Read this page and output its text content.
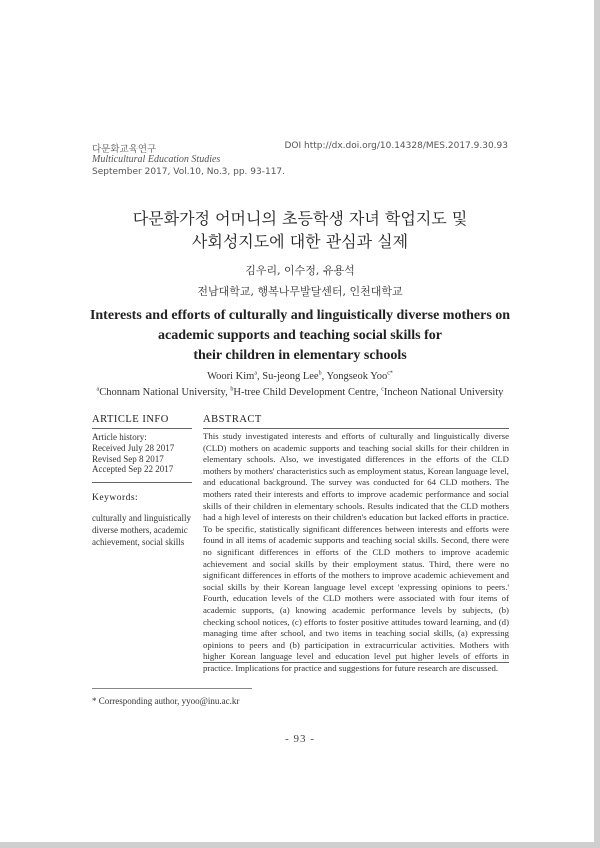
다문화교육연구
Multicultural Education Studies
September 2017, Vol.10, No.3, pp. 93-117.
DOI http://dx.doi.org/10.14328/MES.2017.9.30.93
다문화가정 어머니의 초등학생 자녀 학업지도 및
사회성지도에 대한 관심과 실제
김우리, 이수정, 유용석
전남대학교, 행복나무발달센터, 인천대학교
Interests and efforts of culturally and linguistically diverse mothers on
academic supports and teaching social skills for
their children in elementary schools
Woori Kim$^a$, Su-jeong Lee$^b$, Yongseok Yoo$^{c*}$
$^a$Chonnam National University, $^b$H-tree Child Development Centre, $^c$Incheon National University
ARTICLE INFO
Article history:
Received July 28 2017
Revised Sep 8 2017
Accepted Sep 22 2017
Keywords:
culturally and linguistically
diverse mothers, academic
achievement, social skills
ABSTRACT

This study investigated interests and efforts of culturally and linguistically diverse (CLD) mothers on academic supports and teaching social skills for their children in elementary schools. Also, we investigated differences in the efforts of the CLD mothers by mothers' characteristics such as employment status, Korean language level, and educational background. The survey was conducted for 64 CLD mothers. The mothers rated their interests and efforts to improve academic performance and social skills of their children in elementary schools. Results indicated that the CLD mothers had a high level of interests on their children's education but lacked efforts in practice. To be specific, statistically significant differences between interests and efforts were found in all items of academic supports and teaching social skills. Second, there were no significant differences in efforts of the CLD mothers to improve academic achievement and social skills by their employment status. Third, there were no significant differences in efforts of the mothers to improve academic achievement and social skills by their Korean language level except 'expressing opinions to peers.' Fourth, education levels of the CLD mothers were associated with four items of academic supports, (a) knowing academic performance levels by subjects, (b) checking school notices, (c) efforts to foster positive attitudes toward learning, and (d) managing time after school, and two items in teaching social skills, (a) expressing opinions to peers and (b) participation in extracurricular activities. Mothers with higher Korean language level and education level put higher levels of efforts in practice. Implications for practice and suggestions for future research are discussed.

* Corresponding author, yyoo@inu.ac.kr
- 93 -
